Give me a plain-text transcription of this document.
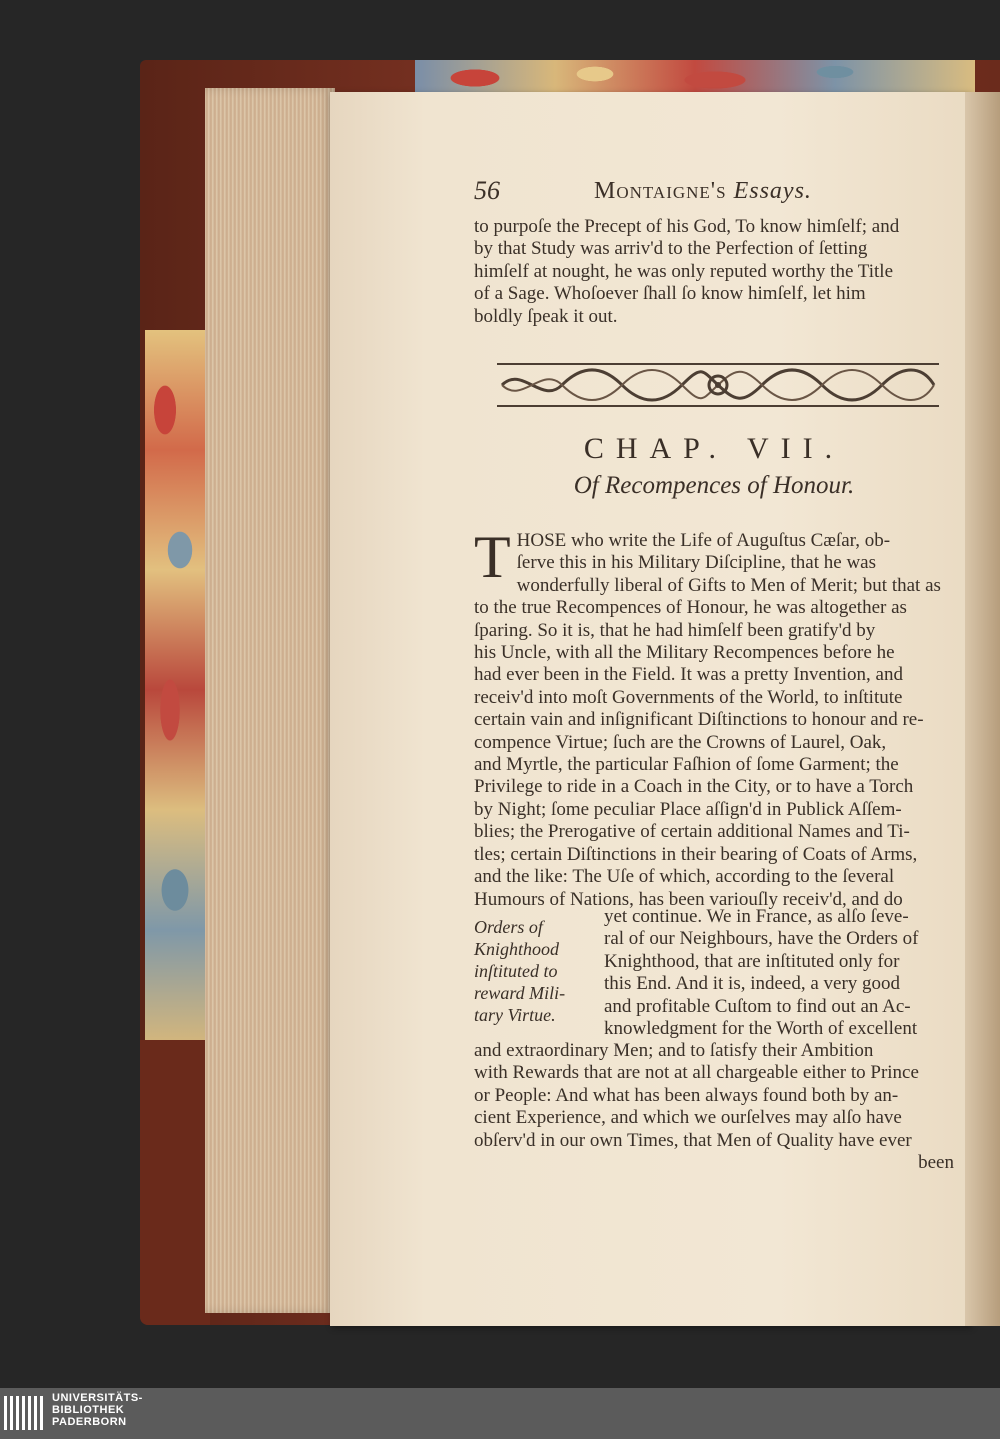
56	Montaigne's Essays.

to purpoſe the Precept of his God, To know himſelf; and

by that Study was arriv'd to the Perfection of ſetting

himſelf at nought, he was only reputed worthy the Title

of a Sage. Whoſoever ſhall ſo know himſelf, let him

boldly ſpeak it out.

CHAP. VII.
Of Recompences of Honour.
T HOSE who write the Life of Auguſtus Cæſar, ob-

ſerve this in his Military Diſcipline, that he was

wonderfully liberal of Gifts to Men of Merit; but that as

to the true Recompences of Honour, he was altogether as

ſparing. So it is, that he had himſelf been gratify'd by

his Uncle, with all the Military Recompences before he

had ever been in the Field. It was a pretty Invention, and

receiv'd into moſt Governments of the World, to inſtitute

certain vain and inſignificant Diſtinctions to honour and re-

compence Virtue; ſuch are the Crowns of Laurel, Oak,

and Myrtle, the particular Faſhion of ſome Garment; the

Privilege to ride in a Coach in the City, or to have a Torch

by Night; ſome peculiar Place aſſign'd in Publick Aſſem-

blies; the Prerogative of certain additional Names and Ti-

tles; certain Diſtinctions in their bearing of Coats of Arms,

and the like: The Uſe of which, according to the ſeveral

Humours of Nations, has been variouſly receiv'd, and do

Orders of
Knighthood
inſtituted to
reward Mili-
tary Virtue.
yet continue. We in France, as alſo ſeve-
ral of our Neighbours, have the Orders of
Knighthood, that are inſtituted only for
this End. And it is, indeed, a very good
and profitable Cuſtom to find out an Ac-
knowledgment for the Worth of excellent
and extraordinary Men; and to ſatisfy their Ambition
with Rewards that are not at all chargeable either to Prince
or People: And what has been always found both by an-
cient Experience, and which we ourſelves may alſo have
obſerv'd in our own Times, that Men of Quality have ever
been
UNIVERSITÄTS-
BIBLIOTHEK
PADERBORN
